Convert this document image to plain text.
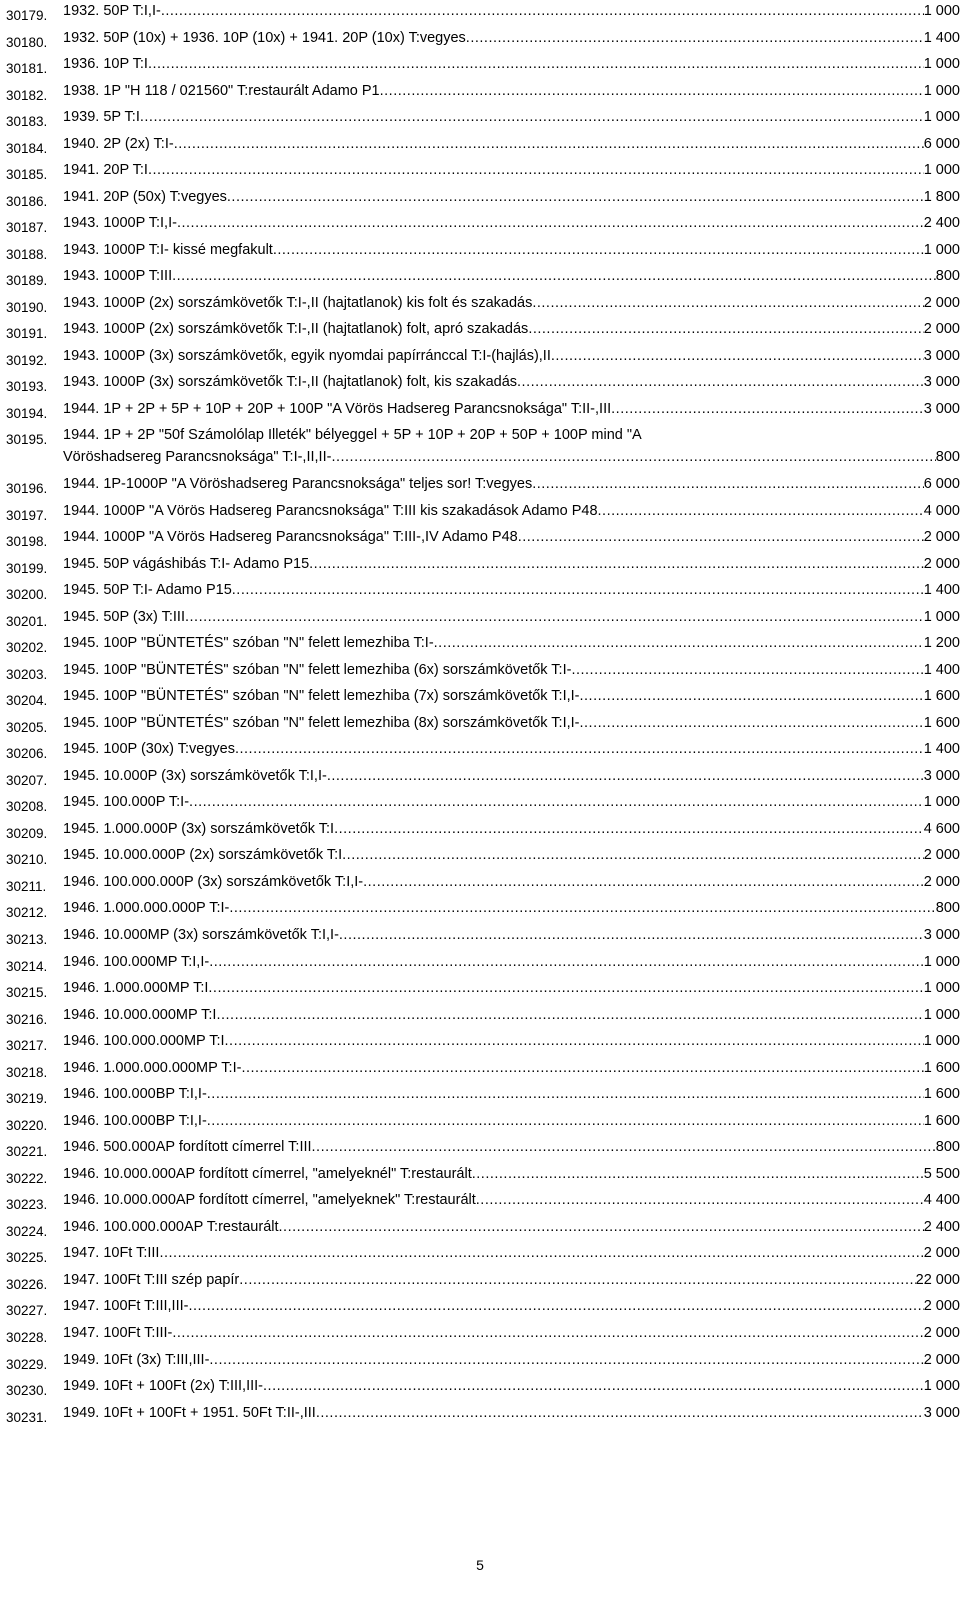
30179. 1932. 50P T:I,I- .....	1 000
30180. 1932. 50P (10x) + 1936. 10P (10x) + 1941. 20P (10x) T:vegyes .....	1 400
30181. 1936. 10P T:I .....	1 000
30182. 1938. 1P "H 118 / 021560" T:restaurált Adamo P1 .....	1 000
30183. 1939. 5P T:I .....	1 000
30184. 1940. 2P (2x) T:I- .....	6 000
30185. 1941. 20P T:I .....	1 000
30186. 1941. 20P (50x) T:vegyes .....	1 800
30187. 1943. 1000P T:I,I- .....	2 400
30188. 1943. 1000P T:I- kissé megfakult .....	1 000
30189. 1943. 1000P T:III .....	800
30190. 1943. 1000P (2x) sorszámkövetők T:I-,II (hajtatlanok) kis folt és szakadás .....	2 000
30191. 1943. 1000P (2x) sorszámkövetők T:I-,II (hajtatlanok) folt, apró szakadás .....	2 000
30192. 1943. 1000P (3x) sorszámkövetők, egyik nyomdai papírránccal T:I-(hajlás),II .....	3 000
30193. 1943. 1000P (3x) sorszámkövetők T:I-,II (hajtatlanok) folt, kis szakadás .....	3 000
30194. 1944. 1P + 2P + 5P + 10P + 20P + 100P "A Vörös Hadsereg Parancsnoksága" T:II-,III .....	3 000
30195. 1944. 1P + 2P "50f Számolólap Illeték" bélyeggel + 5P + 10P + 20P + 50P + 100P mind "A
Vöröshadsereg Parancsnoksága" T:I-,II,II- .....	800
30196. 1944. 1P-1000P "A Vöröshadsereg Parancsnoksága" teljes sor! T:vegyes .....	6 000
30197. 1944. 1000P "A Vörös Hadsereg Parancsnoksága" T:III kis szakadások Adamo P48 .....	4 000
30198. 1944. 1000P "A Vörös Hadsereg Parancsnoksága" T:III-,IV Adamo P48 .....	2 000
30199. 1945. 50P vágáshibás T:I- Adamo P15 .....	2 000
30200. 1945. 50P T:I- Adamo P15 .....	1 400
30201. 1945. 50P (3x) T:III .....	1 000
30202. 1945. 100P "BÜNTETÉS" szóban "N" felett lemezhiba T:I- .....	1 200
30203. 1945. 100P "BÜNTETÉS" szóban "N" felett lemezhiba (6x) sorszámkövetők T:I- .....	1 400
30204. 1945. 100P "BÜNTETÉS" szóban "N" felett lemezhiba (7x) sorszámkövetők T:I,I- .....	1 600
30205. 1945. 100P "BÜNTETÉS" szóban "N" felett lemezhiba (8x) sorszámkövetők T:I,I- .....	1 600
30206. 1945. 100P (30x) T:vegyes .....	1 400
30207. 1945. 10.000P (3x) sorszámkövetők T:I,I- .....	3 000
30208. 1945. 100.000P T:I- .....	1 000
30209. 1945. 1.000.000P (3x) sorszámkövetők T:I .....	4 600
30210. 1945. 10.000.000P (2x) sorszámkövetők T:I .....	2 000
30211. 1946. 100.000.000P (3x) sorszámkövetők T:I,I- .....	2 000
30212. 1946. 1.000.000.000P T:I- .....	800
30213. 1946. 10.000MP (3x) sorszámkövetők T:I,I- .....	3 000
30214. 1946. 100.000MP T:I,I- .....	1 000
30215. 1946. 1.000.000MP T:I .....	1 000
30216. 1946. 10.000.000MP T:I .....	1 000
30217. 1946. 100.000.000MP T:I .....	1 000
30218. 1946. 1.000.000.000MP T:I- .....	1 600
30219. 1946. 100.000BP T:I,I- .....	1 600
30220. 1946. 100.000BP T:I,I- .....	1 600
30221. 1946. 500.000AP fordított címerrel T:III .....	800
30222. 1946. 10.000.000AP fordított címerrel, "amelyeknél" T:restaurált .....	5 500
30223. 1946. 10.000.000AP fordított címerrel, "amelyeknek" T:restaurált .....	4 400
30224. 1946. 100.000.000AP T:restaurált .....	2 400
30225. 1947. 10Ft T:III .....	2 000
30226. 1947. 100Ft T:III szép papír .....	22 000
30227. 1947. 100Ft T:III,III- .....	2 000
30228. 1947. 100Ft T:III- .....	2 000
30229. 1949. 10Ft (3x) T:III,III- .....	2 000
30230. 1949. 10Ft + 100Ft (2x) T:III,III- .....	1 000
30231. 1949. 10Ft + 100Ft + 1951. 50Ft T:II-,III .....	3 000
5
